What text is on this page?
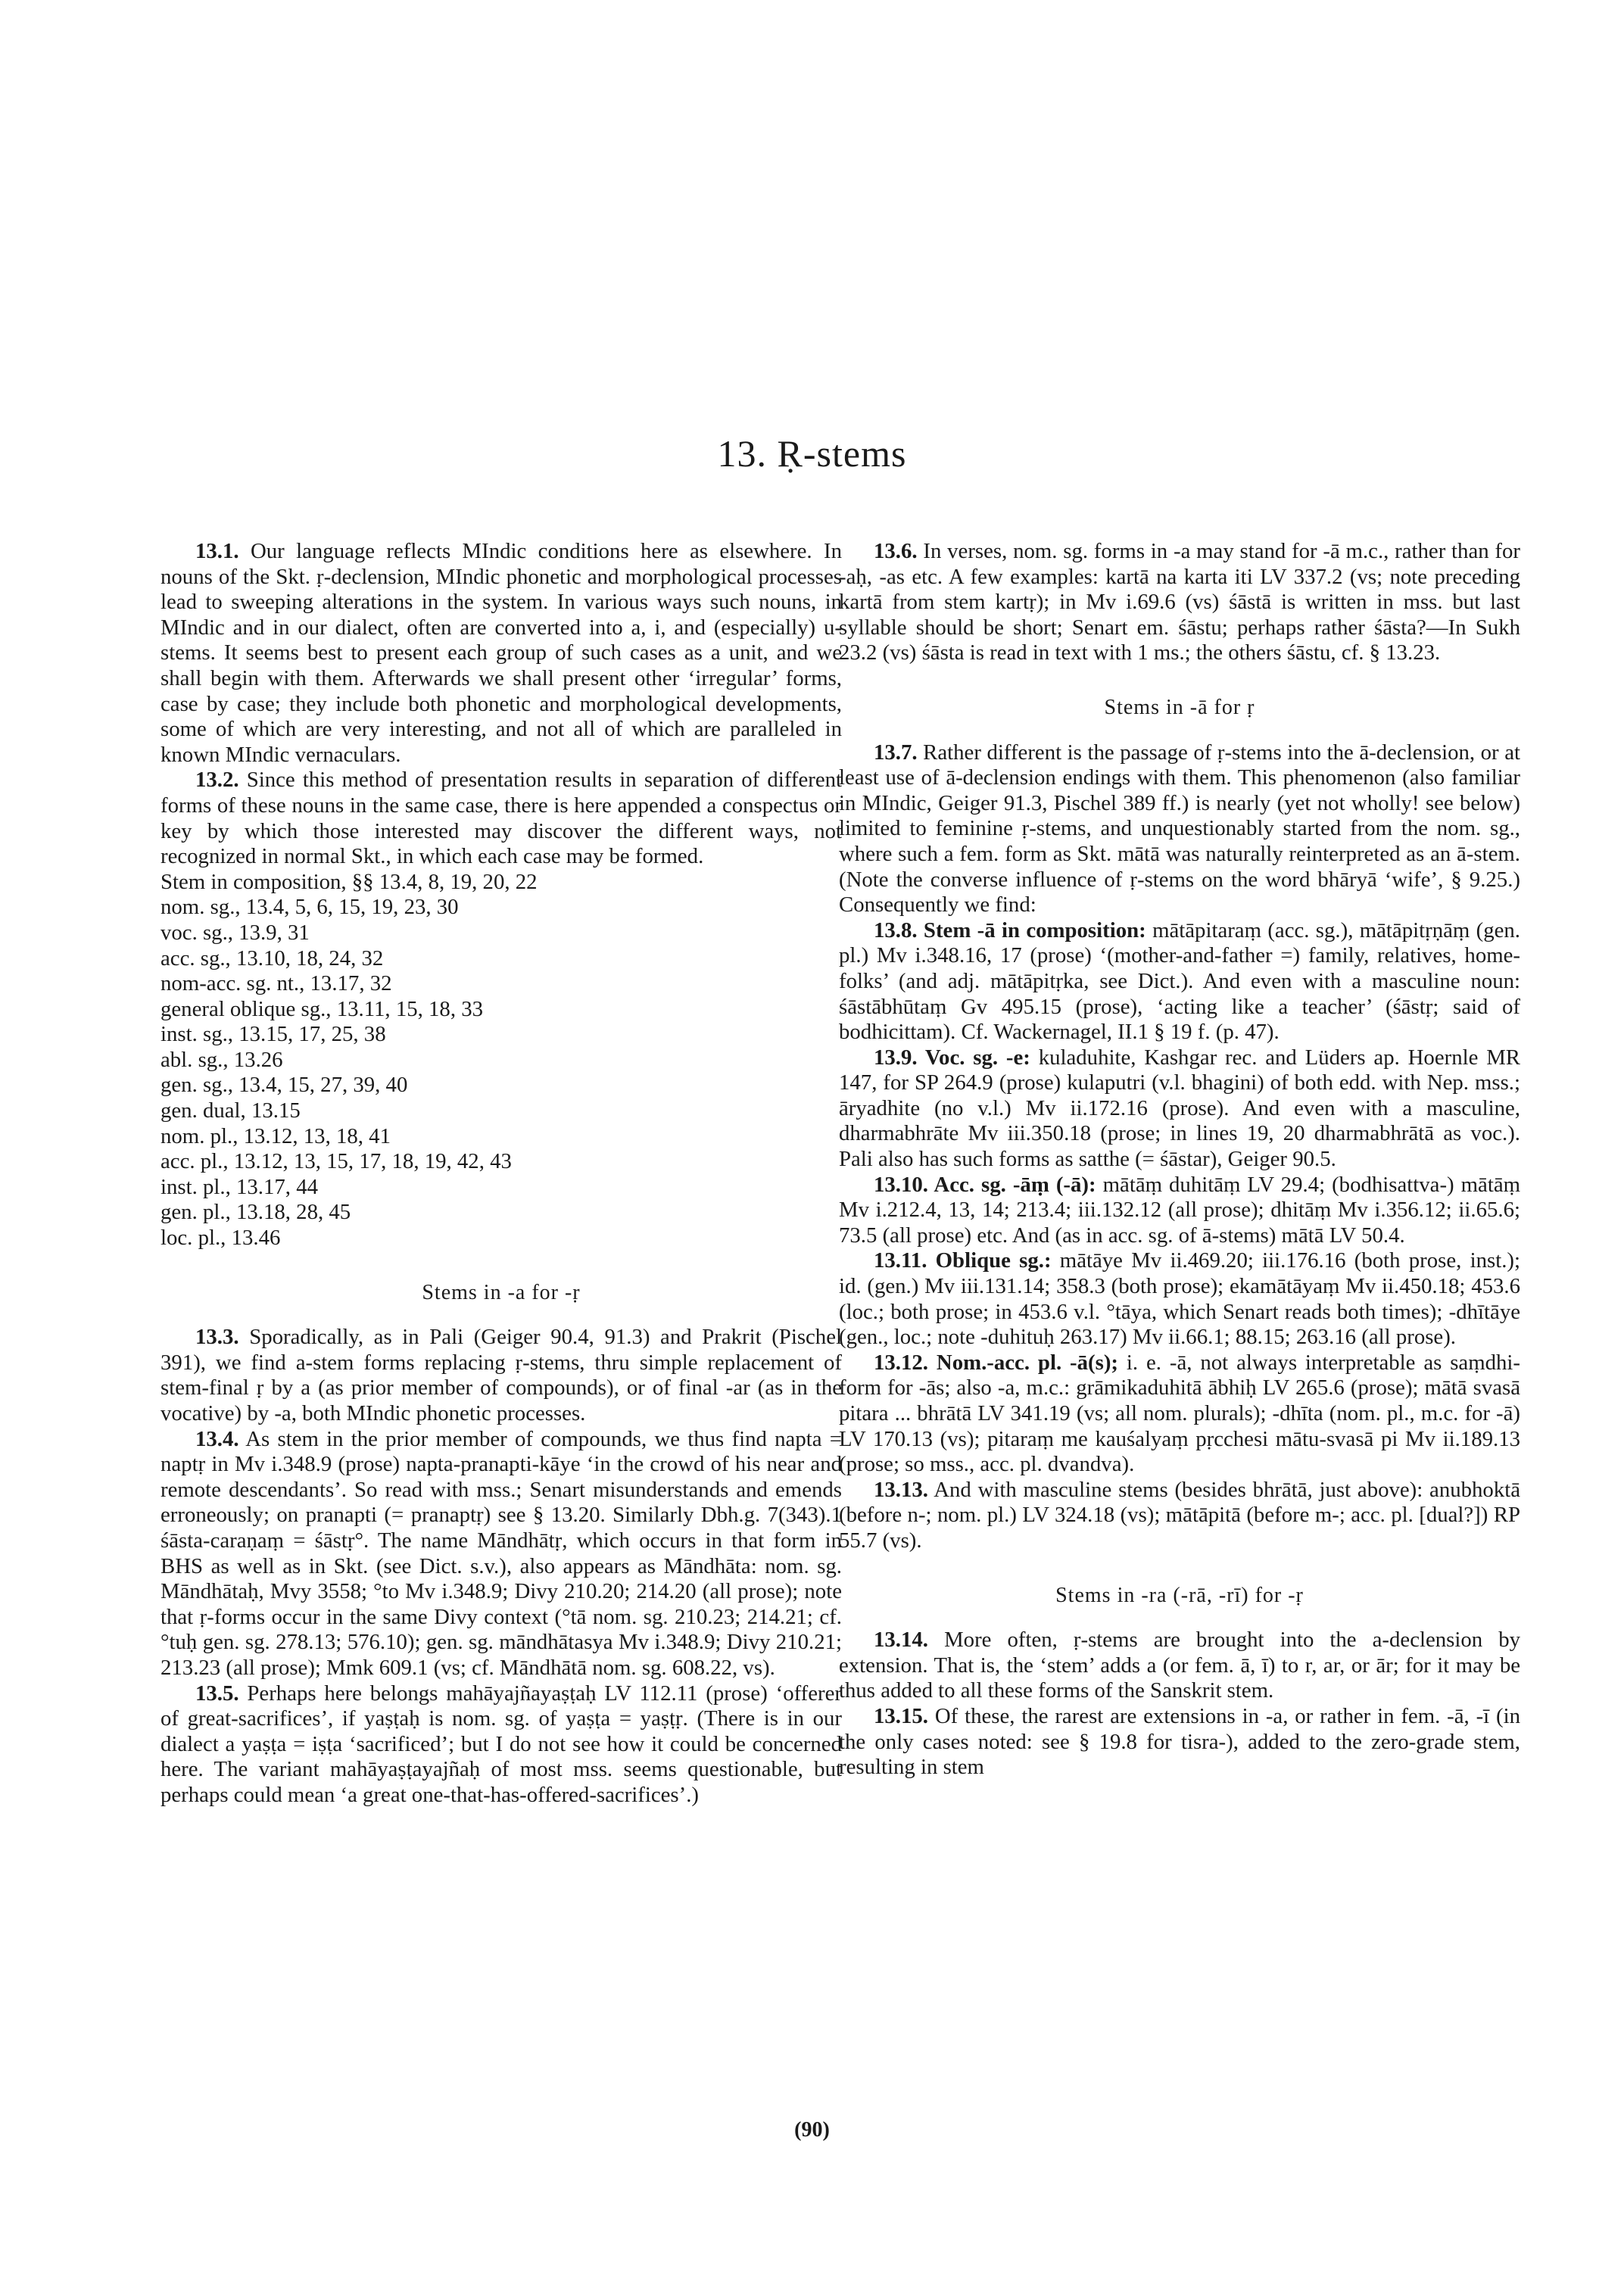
13. Ṛ-stems

13.1. Our language reflects MIndic conditions here as elsewhere. In nouns of the Skt. ṛ-declension, MIndic phonetic and morphological processes lead to sweeping alterations in the system. In various ways such nouns, in MIndic and in our dialect, often are converted into a, i, and (especially) u-stems. It seems best to present each group of such cases as a unit, and we shall begin with them. Afterwards we shall present other ‘irregular’ forms, case by case; they include both phonetic and morphological developments, some of which are very interesting, and not all of which are paralleled in known MIndic vernaculars.

13.2. Since this method of presentation results in separation of different forms of these nouns in the same case, there is here appended a conspectus or key by which those interested may discover the different ways, not recognized in normal Skt., in which each case may be formed.

Stem in composition, §§ 13.4, 8, 19, 20, 22
nom. sg., 13.4, 5, 6, 15, 19, 23, 30
voc. sg., 13.9, 31
acc. sg., 13.10, 18, 24, 32
nom-acc. sg. nt., 13.17, 32
general oblique sg., 13.11, 15, 18, 33
inst. sg., 13.15, 17, 25, 38
abl. sg., 13.26
gen. sg., 13.4, 15, 27, 39, 40
gen. dual, 13.15
nom. pl., 13.12, 13, 18, 41
acc. pl., 13.12, 13, 15, 17, 18, 19, 42, 43
inst. pl., 13.17, 44
gen. pl., 13.18, 28, 45
loc. pl., 13.46
Stems in -a for -ṛ

13.3. Sporadically, as in Pali (Geiger 90.4, 91.3) and Prakrit (Pischel 391), we find a-stem forms replacing ṛ-stems, thru simple replacement of stem-final ṛ by a (as prior member of compounds), or of final -ar (as in the vocative) by -a, both MIndic phonetic processes.

13.4. As stem in the prior member of compounds, we thus find napta = naptṛ in Mv i.348.9 (prose) napta-pranapti-kāye ‘in the crowd of his near and remote descendants’. So read with mss.; Senart misunderstands and emends erroneously; on pranapti (= pranaptṛ) see § 13.20. Similarly Dbh.g. 7(343).1 śāsta-caraṇaṃ = śāstṛ°. The name Māndhātṛ, which occurs in that form in BHS as well as in Skt. (see Dict. s.v.), also appears as Māndhāta: nom. sg. Māndhātaḥ, Mvy 3558; °to Mv i.348.9; Divy 210.20; 214.20 (all prose); note that ṛ-forms occur in the same Divy context (°tā nom. sg. 210.23; 214.21; cf. °tuḥ gen. sg. 278.13; 576.10); gen. sg. māndhātasya Mv i.348.9; Divy 210.21; 213.23 (all prose); Mmk 609.1 (vs; cf. Māndhātā nom. sg. 608.22, vs).

13.5. Perhaps here belongs mahāyajñayaṣṭaḥ LV 112.11 (prose) ‘offerer of great-sacrifices’, if yaṣṭaḥ is nom. sg. of yaṣṭa = yaṣṭṛ. (There is in our dialect a yaṣṭa = iṣṭa ‘sacrificed’; but I do not see how it could be concerned here. The variant mahāyaṣṭayajñaḥ of most mss. seems questionable, but perhaps could mean ‘a great one-that-has-offered-sacrifices’.)

13.6. In verses, nom. sg. forms in -a may stand for -ā m.c., rather than for -aḥ, -as etc. A few examples: kartā na karta iti LV 337.2 (vs; note preceding kartā from stem kartṛ); in Mv i.69.6 (vs) śāstā is written in mss. but last syllable should be short; Senart em. śāstu; perhaps rather śāsta?—In Sukh 23.2 (vs) śāsta is read in text with 1 ms.; the others śāstu, cf. § 13.23.

Stems in -ā for ṛ

13.7. Rather different is the passage of ṛ-stems into the ā-declension, or at least use of ā-declension endings with them. This phenomenon (also familiar in MIndic, Geiger 91.3, Pischel 389 ff.) is nearly (yet not wholly! see below) limited to feminine ṛ-stems, and unquestionably started from the nom. sg., where such a fem. form as Skt. mātā was naturally reinterpreted as an ā-stem. (Note the converse influence of ṛ-stems on the word bhāryā ‘wife’, § 9.25.) Consequently we find:

13.8. Stem -ā in composition: mātāpitaraṃ (acc. sg.), mātāpitṛṇāṃ (gen. pl.) Mv i.348.16, 17 (prose) ‘(mother-and-father =) family, relatives, home-folks’ (and adj. mātāpitṛka, see Dict.). And even with a masculine noun: śāstābhūtaṃ Gv 495.15 (prose), ‘acting like a teacher’ (śāstṛ; said of bodhicittam). Cf. Wackernagel, II.1 § 19 f. (p. 47).

13.9. Voc. sg. -e: kuladuhite, Kashgar rec. and Lüders ap. Hoernle MR 147, for SP 264.9 (prose) kulaputri (v.l. bhagini) of both edd. with Nep. mss.; āryadhite (no v.l.) Mv ii.172.16 (prose). And even with a masculine, dharmabhrāte Mv iii.350.18 (prose; in lines 19, 20 dharmabhrātā as voc.). Pali also has such forms as satthe (= śāstar), Geiger 90.5.

13.10. Acc. sg. -āṃ (-ā): mātāṃ duhitāṃ LV 29.4; (bodhisattva-) mātāṃ Mv i.212.4, 13, 14; 213.4; iii.132.12 (all prose); dhitāṃ Mv i.356.12; ii.65.6; 73.5 (all prose) etc. And (as in acc. sg. of ā-stems) mātā LV 50.4.

13.11. Oblique sg.: mātāye Mv ii.469.20; iii.176.16 (both prose, inst.); id. (gen.) Mv iii.131.14; 358.3 (both prose); ekamātāyaṃ Mv ii.450.18; 453.6 (loc.; both prose; in 453.6 v.l. °tāya, which Senart reads both times); -dhītāye (gen., loc.; note -duhituḥ 263.17) Mv ii.66.1; 88.15; 263.16 (all prose).

13.12. Nom.-acc. pl. -ā(s); i. e. -ā, not always interpretable as saṃdhi-form for -ās; also -a, m.c.: grāmikaduhitā ābhiḥ LV 265.6 (prose); mātā svasā pitara ... bhrātā LV 341.19 (vs; all nom. plurals); -dhīta (nom. pl., m.c. for -ā) LV 170.13 (vs); pitaraṃ me kauśalyaṃ pṛcchesi mātu-svasā pi Mv ii.189.13 (prose; so mss., acc. pl. dvandva).

13.13. And with masculine stems (besides bhrātā, just above): anubhoktā (before n-; nom. pl.) LV 324.18 (vs); mātāpitā (before m-; acc. pl. [dual?]) RP 55.7 (vs).

Stems in -ra (-rā, -rī) for -ṛ

13.14. More often, ṛ-stems are brought into the a-declension by extension. That is, the ‘stem’ adds a (or fem. ā, ī) to r, ar, or ār; for it may be thus added to all these forms of the Sanskrit stem.

13.15. Of these, the rarest are extensions in -a, or rather in fem. -ā, -ī (in the only cases noted: see § 19.8 for tisra-), added to the zero-grade stem, resulting in stem

(90)
